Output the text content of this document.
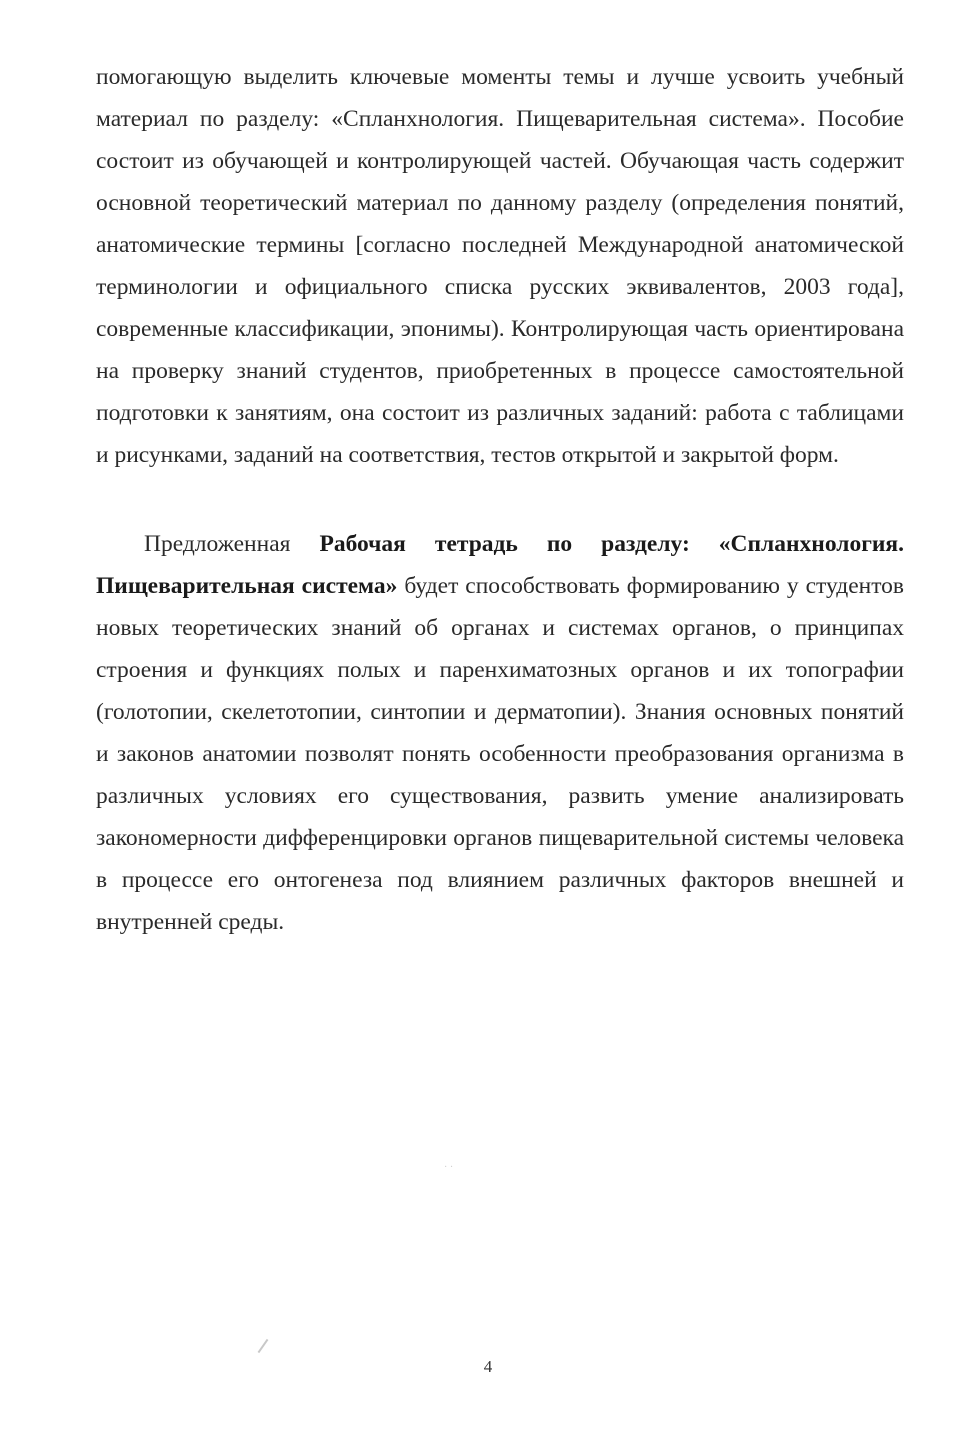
помогающую выделить ключевые моменты темы и лучше усвоить учебный материал по разделу: «Спланхнология. Пищеварительная система». Пособие состоит из обучающей и контролирующей частей. Обучающая часть содержит основной теоретический материал по данному разделу (определения понятий, анатомические термины [согласно последней Международной анатомической терминологии и официального списка русских эквивалентов, 2003 года], современные классификации, эпонимы). Контролирующая часть ориентирована на проверку знаний студентов, приобретенных в процессе самостоятельной подготовки к занятиям, она состоит из различных заданий: работа с таблицами и рисунками, заданий на соответствия, тестов открытой и закрытой форм.

Предложенная Рабочая тетрадь по разделу: «Спланхнология. Пищеварительная система» будет способствовать формированию у студентов новых теоретических знаний об органах и системах органов, о принципах строения и функциях полых и паренхиматозных органов и их топографии (голотопии, скелетотопии, синтопии и дерматопии). Знания основных понятий и законов анатомии позволят понять особенности преобразования организма в различных условиях его существования, развить умение анализировать закономерности дифференцировки органов пищеварительной системы человека в процессе его онтогенеза под влиянием различных факторов внешней и внутренней среды.

· ·
4
